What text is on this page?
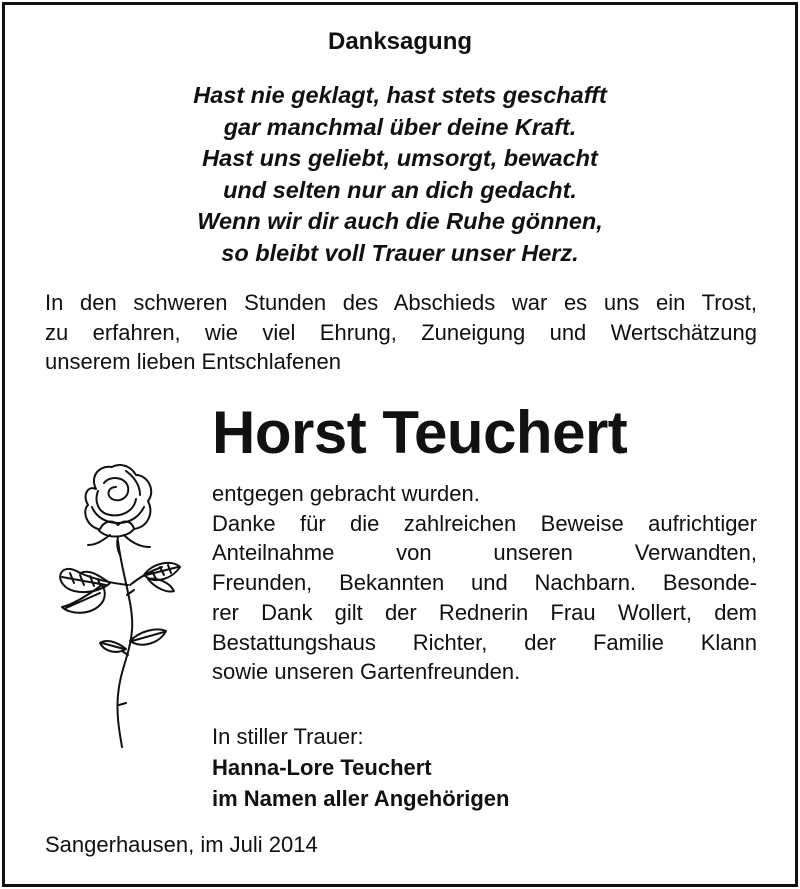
Danksagung
Hast nie geklagt, hast stets geschafft
gar manchmal über deine Kraft.
Hast uns geliebt, umsorgt, bewacht
und selten nur an dich gedacht.
Wenn wir dir auch die Ruhe gönnen,
so bleibt voll Trauer unser Herz.
In den schweren Stunden des Abschieds war es uns ein Trost,
zu erfahren, wie viel Ehrung, Zuneigung und Wertschätzung
unserem lieben Entschlafenen
Horst Teuchert
entgegen gebracht wurden.
Danke für die zahlreichen Beweise aufrichtiger
Anteilnahme von unseren Verwandten,
Freunden, Bekannten und Nachbarn. Besonde-
rer Dank gilt der Rednerin Frau Wollert, dem
Bestattungshaus Richter, der Familie Klann
sowie unseren Gartenfreunden.
In stiller Trauer:
Hanna-Lore Teuchert
im Namen aller Angehörigen
Sangerhausen, im Juli 2014
